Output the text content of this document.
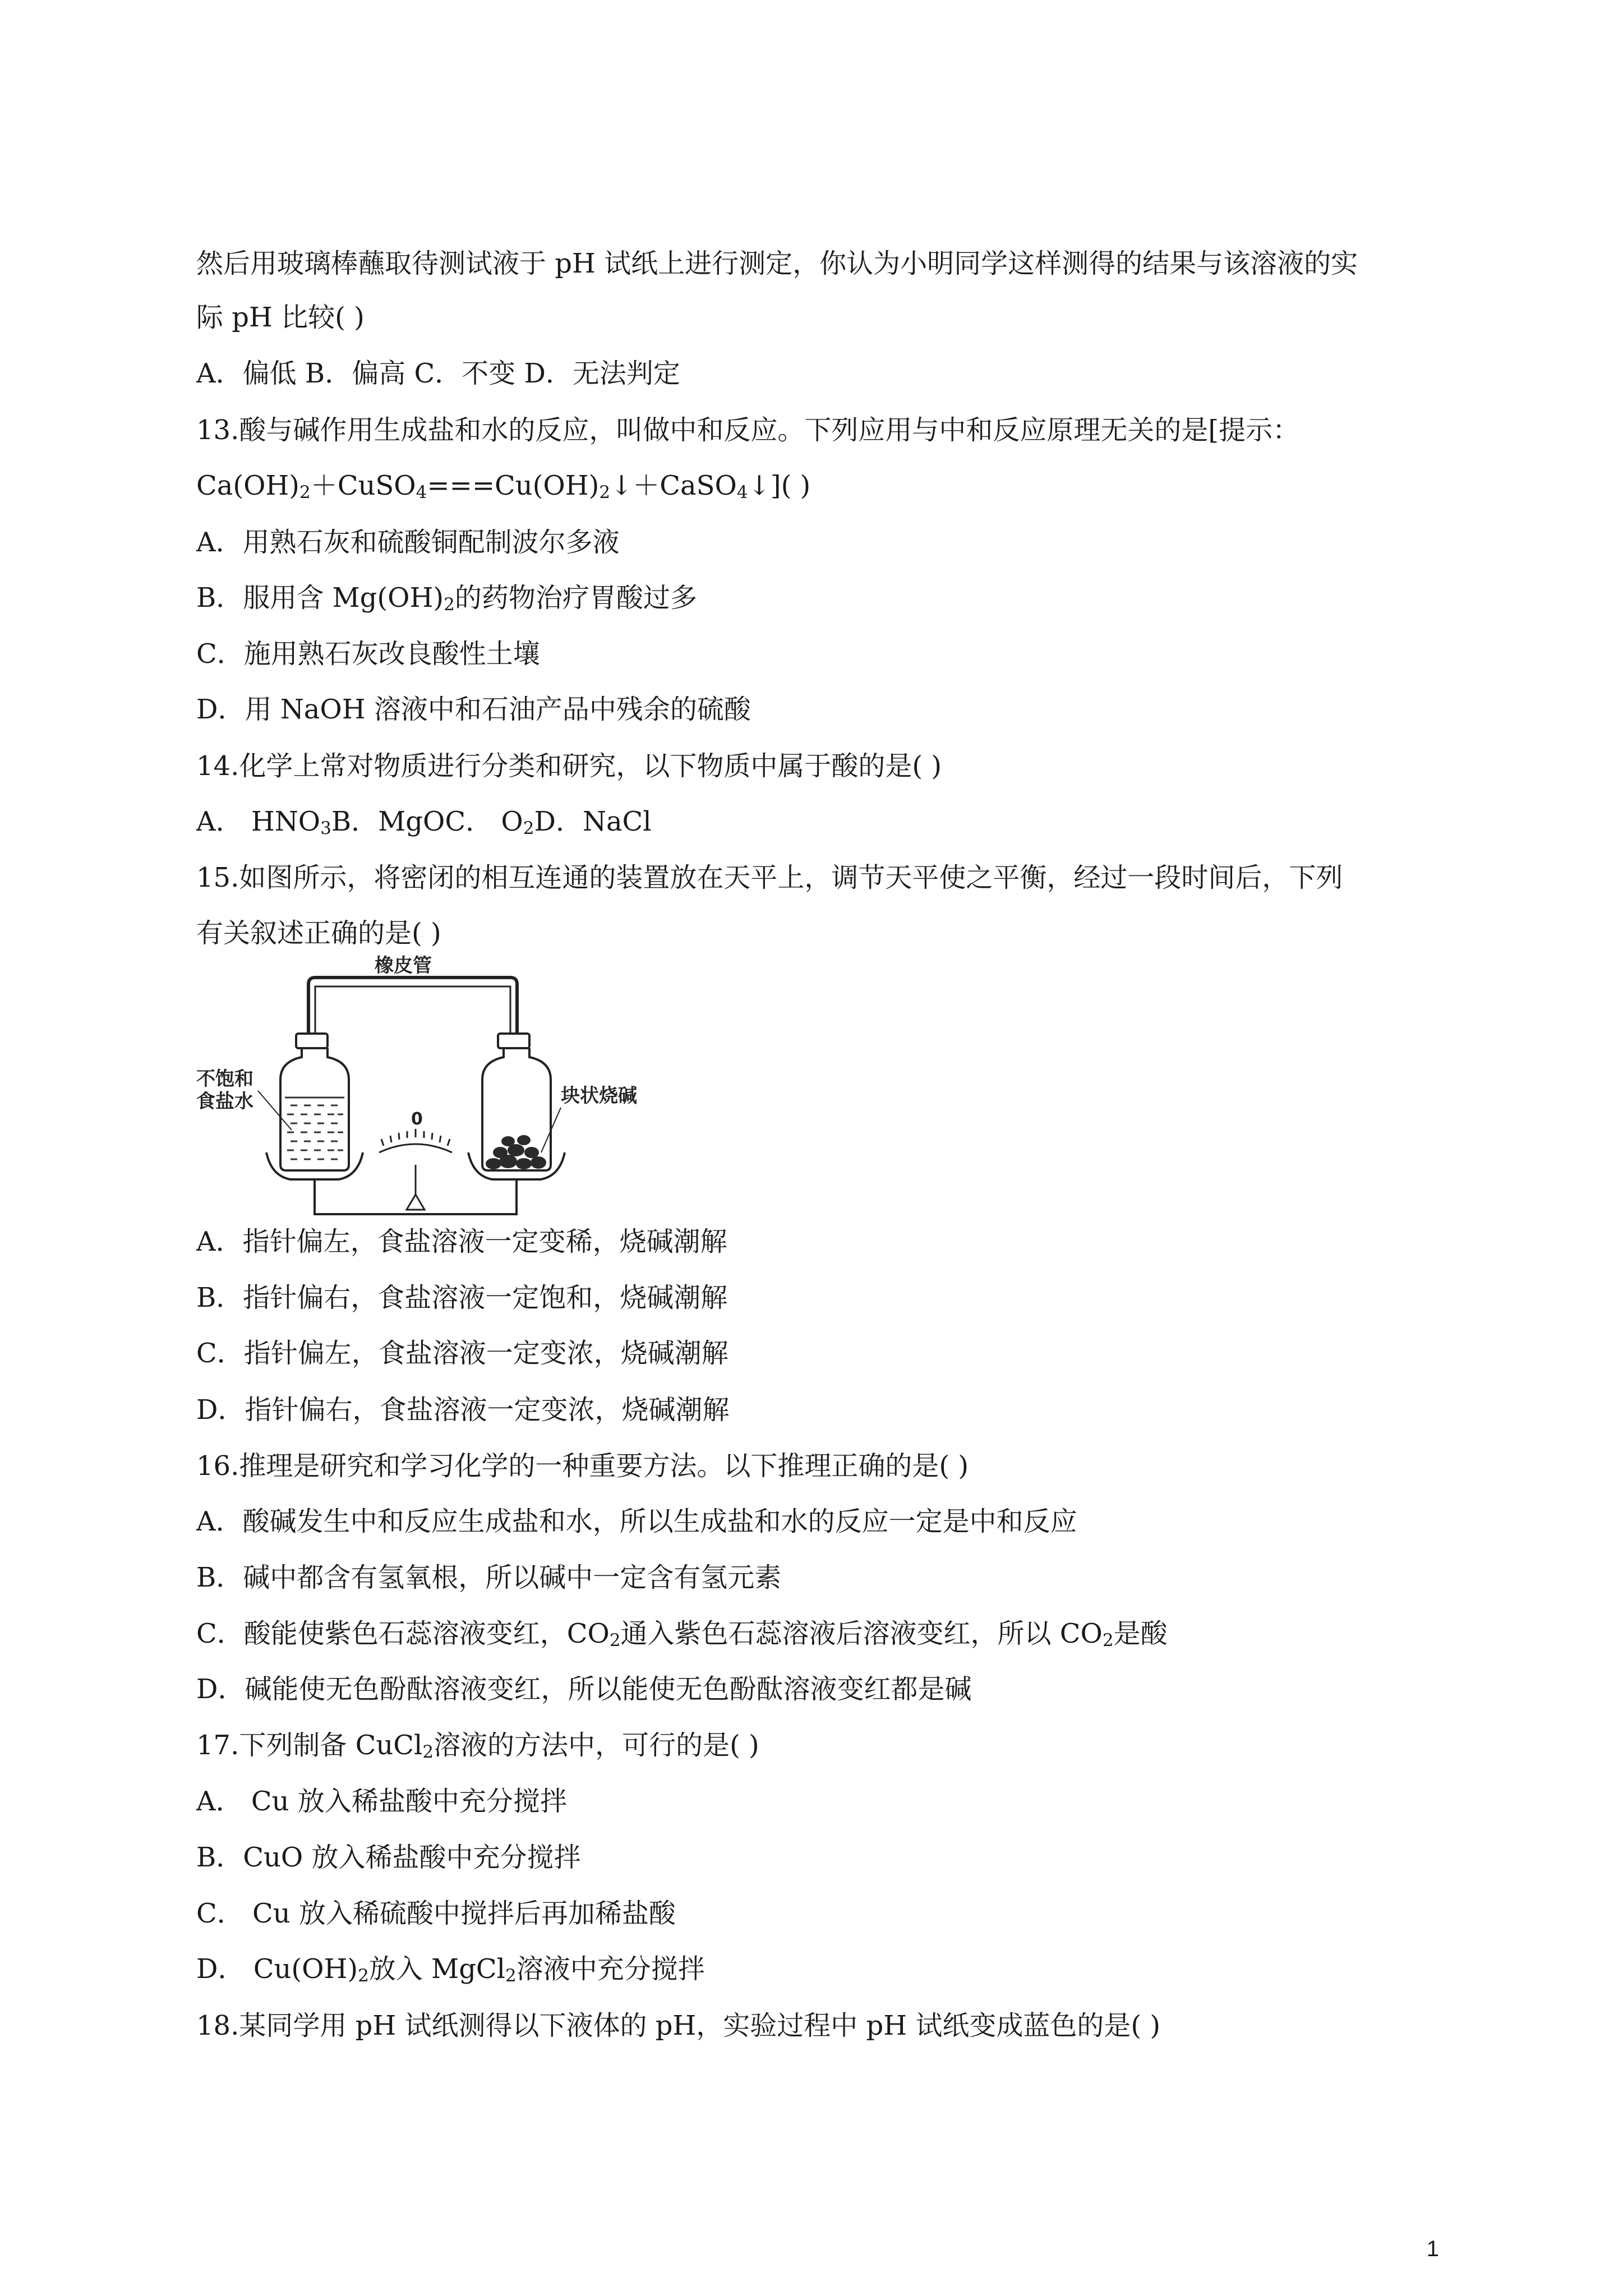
然后用玻璃棒蘸取待测试液于 pH 试纸上进行测定，你认为小明同学这样测得的结果与该溶液的实
际 pH 比较( )
A．偏低 B．偏高 C．不变 D．无法判定
13.酸与碱作用生成盐和水的反应，叫做中和反应。下列应用与中和反应原理无关的是[提示：
$Ca(OH)_2+CuSO_4===Cu(OH)_2↓+CaSO_4↓$]( )
A．用熟石灰和硫酸铜配制波尔多液
B．服用含 $Mg(OH)_2$的药物治疗胃酸过多
C．施用熟石灰改良酸性土壤
D．用 NaOH 溶液中和石油产品中残余的硫酸
14.化学上常对物质进行分类和研究，以下物质中属于酸的是( )
A． $HNO_3B$．MgOC． $O_2D$．NaCl
15.如图所示，将密闭的相互连通的装置放在天平上，调节天平使之平衡，经过一段时间后，下列
有关叙述正确的是( )
橡皮管
不饱和
食盐水	块状烧碱
0
A．指针偏左，食盐溶液一定变稀，烧碱潮解
B．指针偏右，食盐溶液一定饱和，烧碱潮解
C．指针偏左，食盐溶液一定变浓，烧碱潮解
D．指针偏右，食盐溶液一定变浓，烧碱潮解
16.推理是研究和学习化学的一种重要方法。以下推理正确的是( )
A．酸碱发生中和反应生成盐和水，所以生成盐和水的反应一定是中和反应
B．碱中都含有氢氧根，所以碱中一定含有氢元素
C．酸能使紫色石蕊溶液变红，$CO_2$通入紫色石蕊溶液后溶液变红，所以 $CO_2$是酸
D．碱能使无色酚酞溶液变红，所以能使无色酚酞溶液变红都是碱
17.下列制备 CuCl$_2$溶液的方法中，可行的是( )
A． Cu 放入稀盐酸中充分搅拌
B．CuO 放入稀盐酸中充分搅拌
C． Cu 放入稀硫酸中搅拌后再加稀盐酸
D． $Cu(OH)_2$放入 MgCl$_2$溶液中充分搅拌
18.某同学用 pH 试纸测得以下液体的 pH，实验过程中 pH 试纸变成蓝色的是( )
1
